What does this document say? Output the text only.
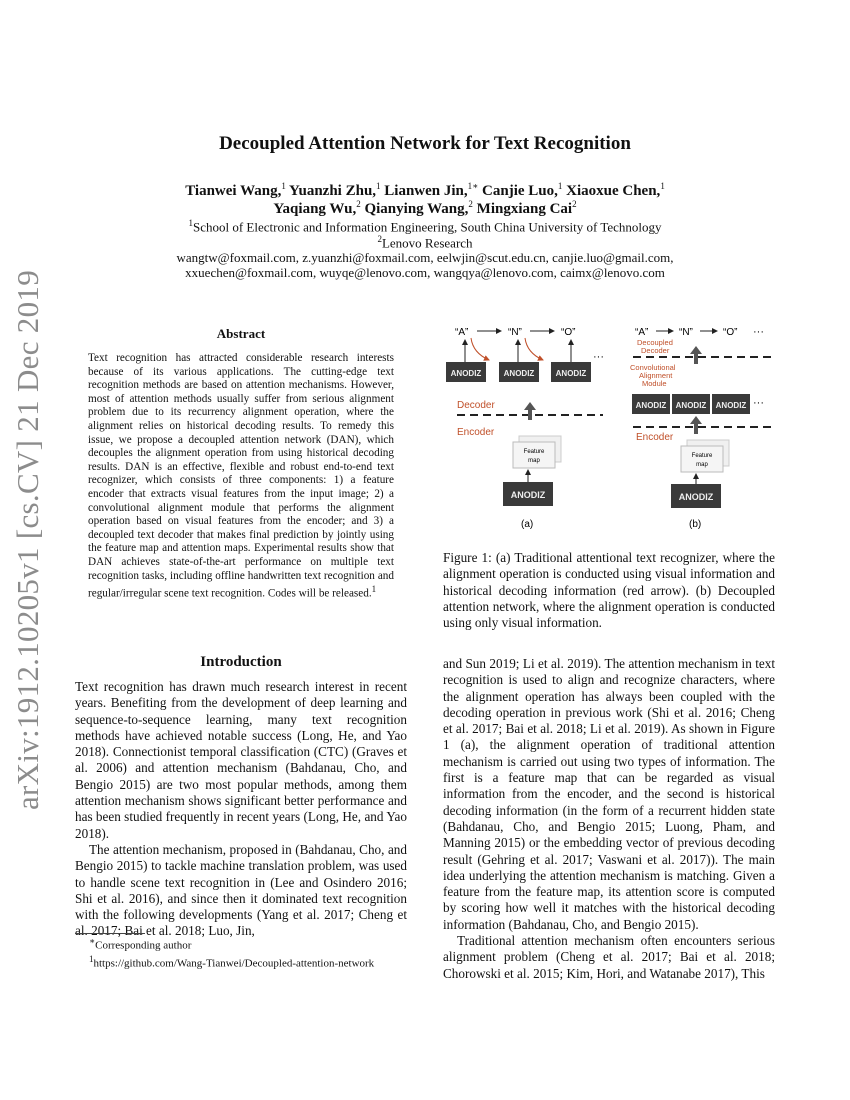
arXiv:1912.10205v1 [cs.CV] 21 Dec 2019
Decoupled Attention Network for Text Recognition
Tianwei Wang,$^1$ Yuanzhi Zhu,$^1$ Lianwen Jin,$^{1∗}$ Canjie Luo,$^1$ Xiaoxue Chen,$^1$
Yaqiang Wu,$^2$ Qianying Wang,$^2$ Mingxiang Cai$^2$
$^1$School of Electronic and Information Engineering, South China University of Technology
$^2$Lenovo Research
wangtw@foxmail.com, z.yuanzhi@foxmail.com, eelwjin@scut.edu.cn, canjie.luo@gmail.com,
xxuechen@foxmail.com, wuyqe@lenovo.com, wangqya@lenovo.com, caimx@lenovo.com
Abstract
Text recognition has attracted considerable research interests because of its various applications. The cutting-edge text recognition methods are based on attention mechanisms. However, most of attention methods usually suffer from serious alignment problem due to its recurrency alignment operation, where the alignment relies on historical decoding results. To remedy this issue, we propose a decoupled attention network (DAN), which decouples the alignment operation from using historical decoding results. DAN is an effective, flexible and robust end-to-end text recognizer, which consists of three components: 1) a feature encoder that extracts visual features from the input image; 2) a convolutional alignment module that performs the alignment operation based on visual features from the encoder; and 3) a decoupled text decoder that makes final prediction by jointly using the feature map and attention maps. Experimental results show that DAN achieves state-of-the-art performance on multiple text recognition tasks, including offline handwritten text recognition and regular/irregular scene text recognition. Codes will be released.$^1$
Introduction

Text recognition has drawn much research interest in recent years. Benefiting from the development of deep learning and sequence-to-sequence learning, many text recognition methods have achieved notable success (Long, He, and Yao 2018). Connectionist temporal classification (CTC) (Graves et al. 2006) and attention mechanism (Bahdanau, Cho, and Bengio 2015) are two most popular methods, among them attention mechanism shows significant better performance and has been studied frequently in recent years (Long, He, and Yao 2018).

The attention mechanism, proposed in (Bahdanau, Cho, and Bengio 2015) to tackle machine translation problem, was used to handle scene text recognition in (Lee and Osindero 2016; Shi et al. 2016), and since then it dominated text recognition with the following developments (Yang et al. 2017; Cheng et al. 2017; Bai et al. 2018; Luo, Jin,

∗Corresponding author
$^1$https://github.com/Wang-Tianwei/Decoupled-attention-network
“A”	“N”	“O”
ANODIZ	ANODIZ	ANODIZ
···
Decoder
Encoder
Feature
map
ANODIZ
(a)
“A”	“N”	“O” ···
Decoupled
Decoder
Convolutional
Alignment
Module
ANODIZ ANODIZ ANODIZ ···
Encoder
Feature
map
ANODIZ
(b)
Figure 1: (a) Traditional attentional text recognizer, where the alignment operation is conducted using visual information and historical decoding information (red arrow). (b) Decoupled attention network, where the alignment operation is conducted using only visual information.

and Sun 2019; Li et al. 2019). The attention mechanism in text recognition is used to align and recognize characters, where the alignment operation has always been coupled with the decoding operation in previous work (Shi et al. 2016; Cheng et al. 2017; Bai et al. 2018; Li et al. 2019). As shown in Figure 1 (a), the alignment operation of traditional attention mechanism is carried out using two types of information. The first is a feature map that can be regarded as visual information from the encoder, and the second is historical decoding information (in the form of a recurrent hidden state (Bahdanau, Cho, and Bengio 2015; Luong, Pham, and Manning 2015) or the embedding vector of previous decoding result (Gehring et al. 2017; Vaswani et al. 2017)). The main idea underlying the attention mechanism is matching. Given a feature from the feature map, its attention score is computed by scoring how well it matches with the historical decoding information (Bahdanau, Cho, and Bengio 2015).

Traditional attention mechanism often encounters serious alignment problem (Cheng et al. 2017; Bai et al. 2018; Chorowski et al. 2015; Kim, Hori, and Watanabe 2017), This
